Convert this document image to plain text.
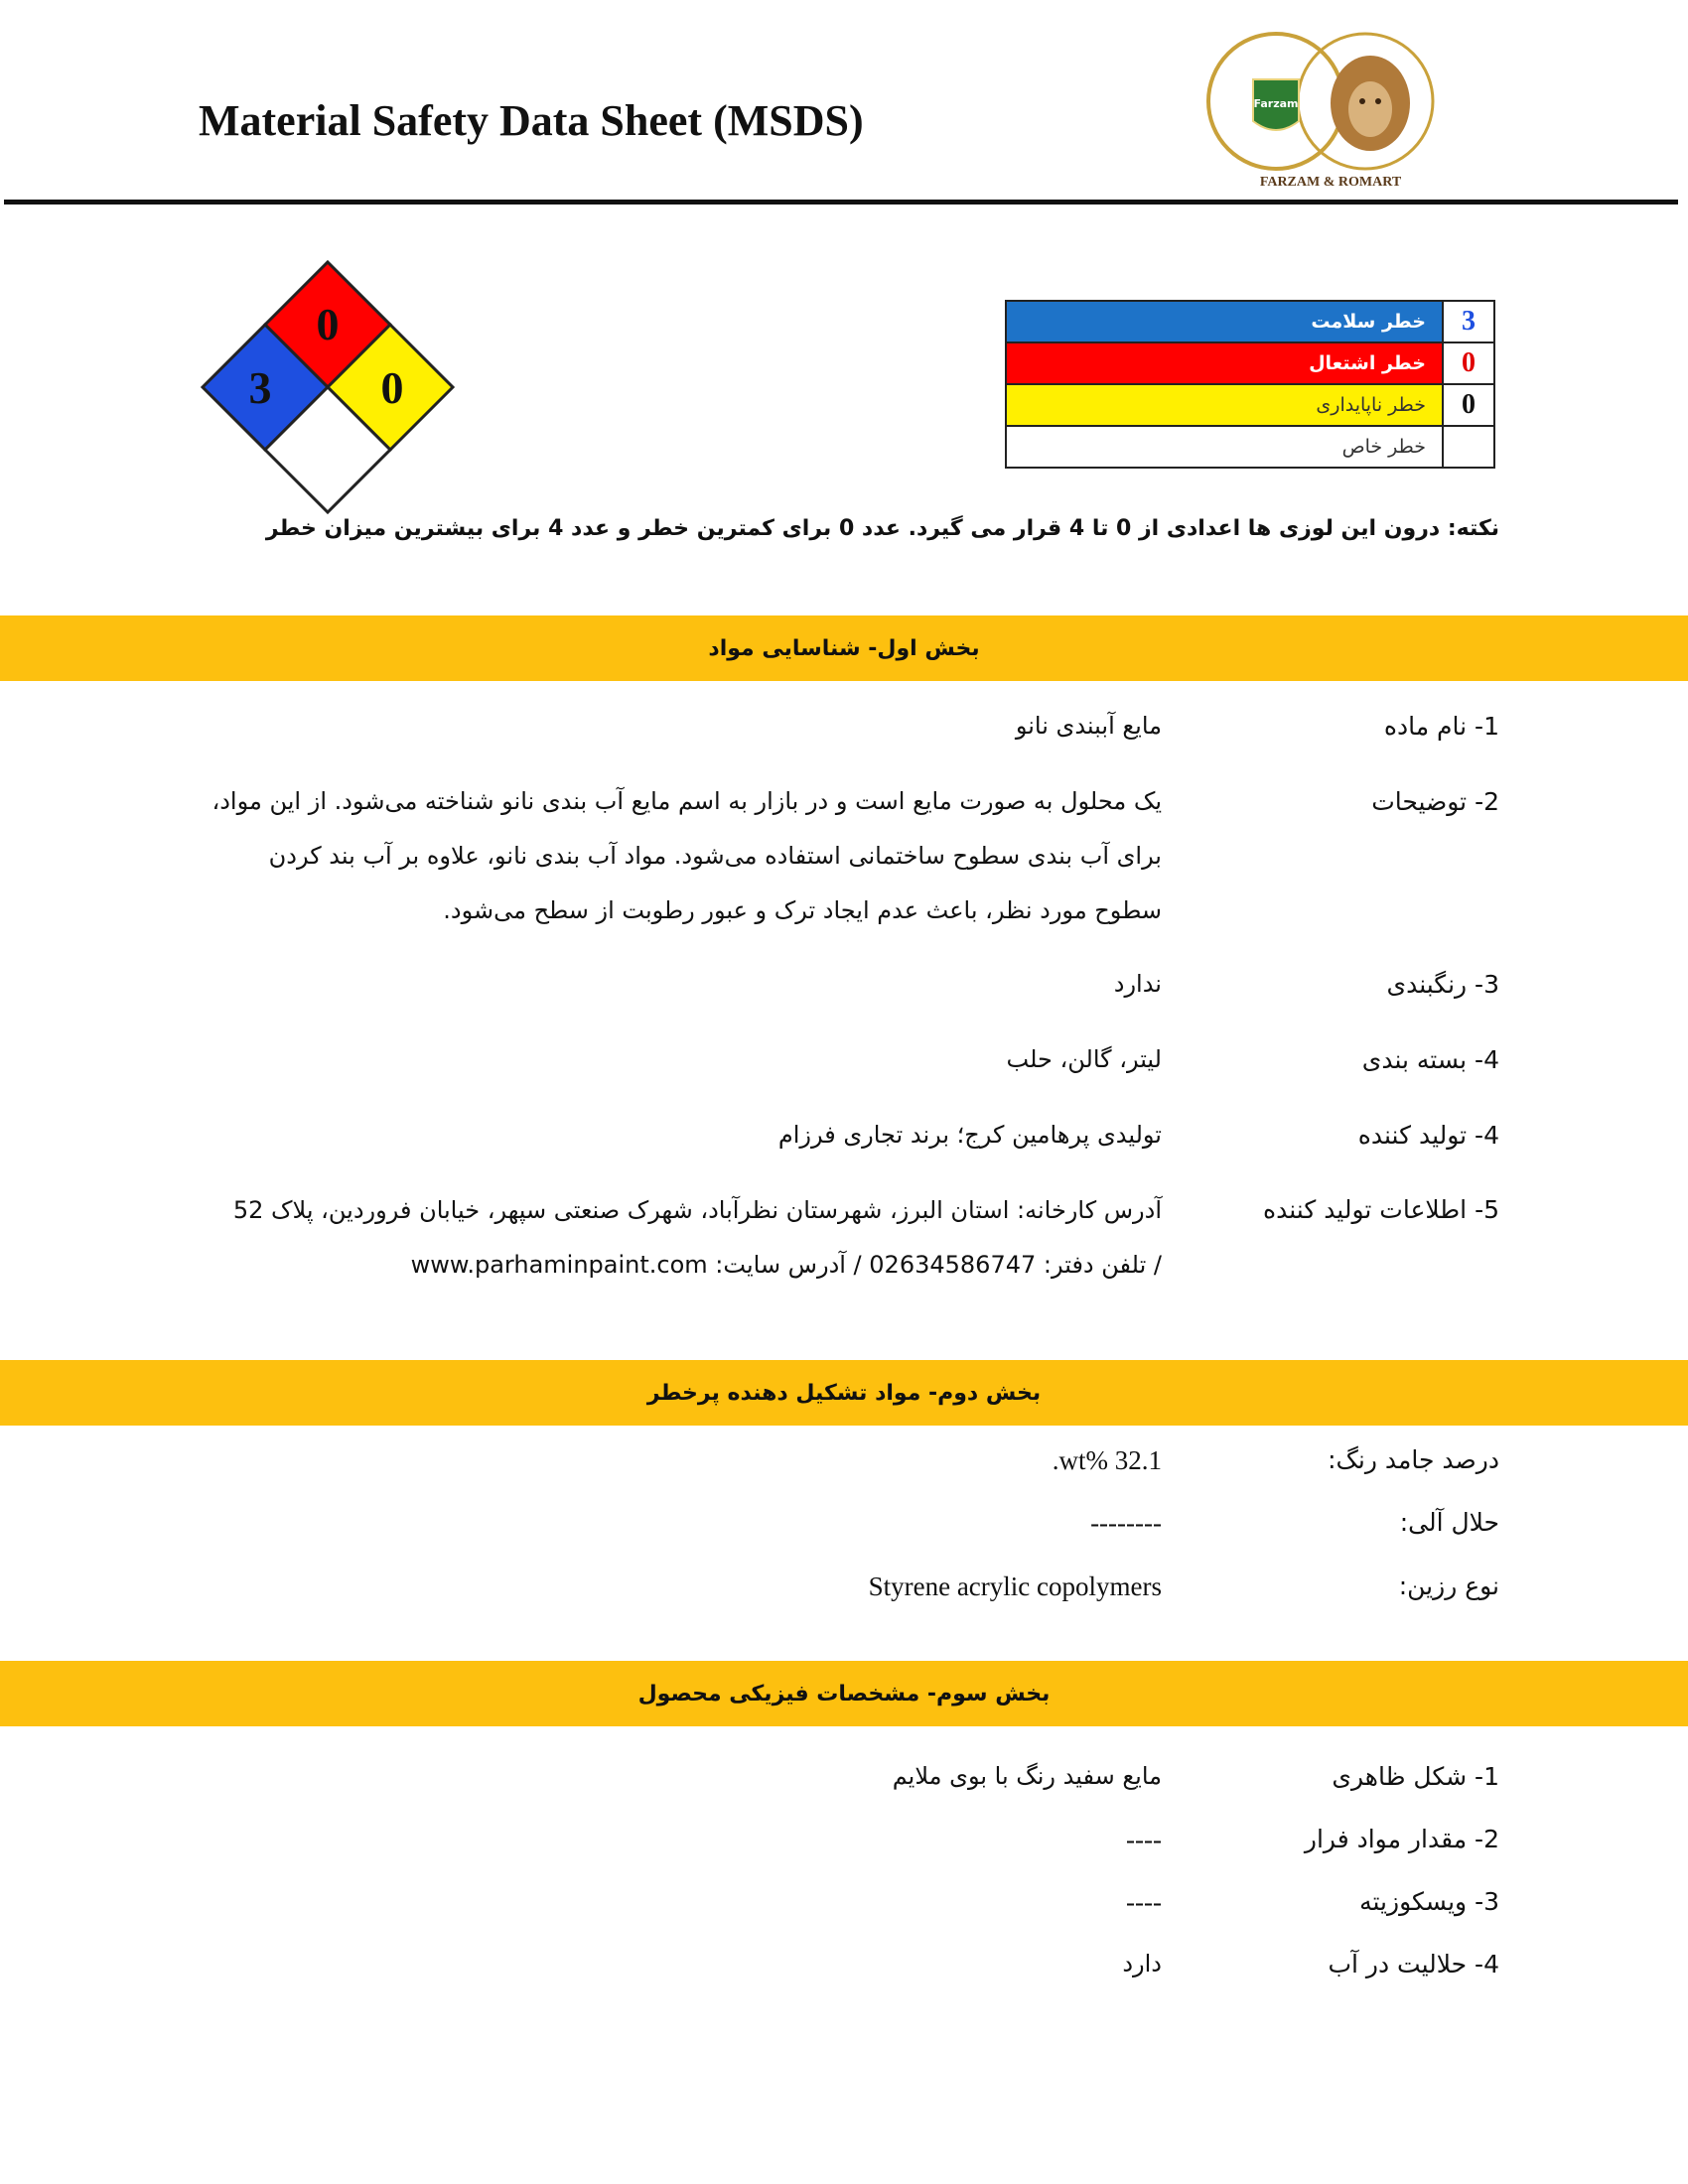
Material Safety Data Sheet (MSDS)	Farzam
FARZAM & ROMART
0
3 0
خطر سلامت	3
خطر اشتعال	0
خطر ناپایداری	0
خطر خاص	
نکته: درون این لوزی ها اعدادی از 0 تا 4 قرار می گیرد. عدد 0 برای کمترین خطر و عدد 4 برای بیشترین میزان خطر
بخش اول- شناسایی مواد
1- نام ماده
مایع آببندی نانو
2- توضیحات
یک محلول به صورت مایع است و در بازار به اسم مایع آب بندی نانو شناخته می‌شود. از این مواد،
برای آب بندی سطوح ساختمانی استفاده می‌شود. مواد آب بندی نانو، علاوه بر آب بند کردن
سطوح مورد نظر، باعث عدم ایجاد ترک و عبور رطوبت از سطح می‌شود.
3- رنگبندی
ندارد
4- بسته بندی
لیتر، گالن، حلب
4- تولید کننده
تولیدی پرهامین کرج؛ برند تجاری فرزام
5- اطلاعات تولید کننده
آدرس کارخانه: استان البرز، شهرستان نظرآباد، شهرک صنعتی سپهر، خیابان فروردین، پلاک 52
/ تلفن دفتر: 02634586747 / آدرس سایت: www.parhaminpaint.com
بخش دوم- مواد تشکیل دهنده پرخطر
درصد جامد رنگ:
32.1 %wt.
حلال آلی:
--------
نوع رزین:
Styrene acrylic copolymers
بخش سوم- مشخصات فیزیکی محصول
1- شکل ظاهری
مایع سفید رنگ با بوی ملایم
2- مقدار مواد فرار
----
3- ویسکوزیته
----
4- حلالیت در آب
دارد
